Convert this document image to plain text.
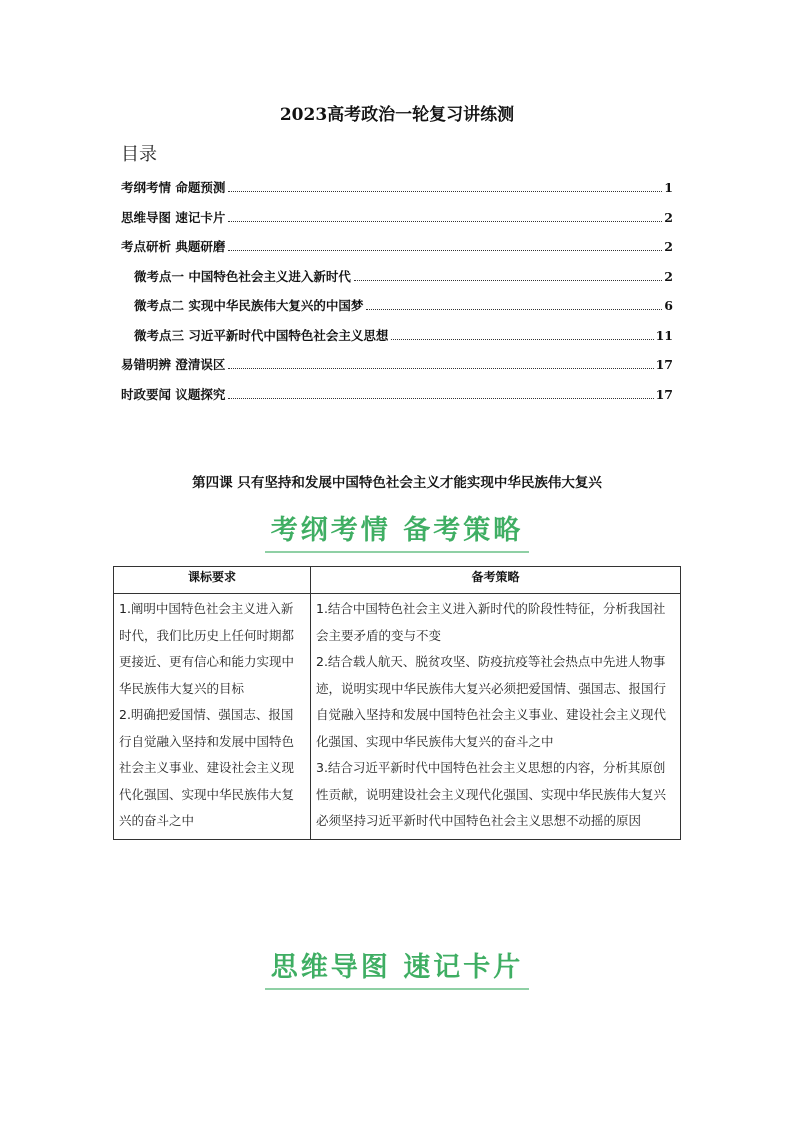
2023高考政治一轮复习讲练测
目录
考纲考情 命题预测	1
思维导图 速记卡片	2
考点研析 典题研磨	2
微考点一 中国特色社会主义进入新时代	2
微考点二 实现中华民族伟大复兴的中国梦	6
微考点三 习近平新时代中国特色社会主义思想	11
易错明辨 澄清误区	17
时政要闻 议题探究	17
第四课 只有坚持和发展中国特色社会主义才能实现中华民族伟大复兴
考纲考情 备考策略
课标要求	备考策略

1.阐明中国特色社会主义进入新时代，我们比历史上任何时期都更接近、更有信心和能力实现中华民族伟大复兴的目标
2.明确把爱国情、强国志、报国行自觉融入坚持和发展中国特色社会主义事业、建设社会主义现代化强国、实现中华民族伟大复兴的奋斗之中	1.结合中国特色社会主义进入新时代的阶段性特征，分析我国社会主要矛盾的变与不变
2.结合载人航天、脱贫攻坚、防疫抗疫等社会热点中先进人物事迹，说明实现中华民族伟大复兴必须把爱国情、强国志、报国行自觉融入坚持和发展中国特色社会主义事业、建设社会主义现代化强国、实现中华民族伟大复兴的奋斗之中
3.结合习近平新时代中国特色社会主义思想的内容，分析其原创性贡献，说明建设社会主义现代化强国、实现中华民族伟大复兴必须坚持习近平新时代中国特色社会主义思想不动摇的原因
思维导图 速记卡片
